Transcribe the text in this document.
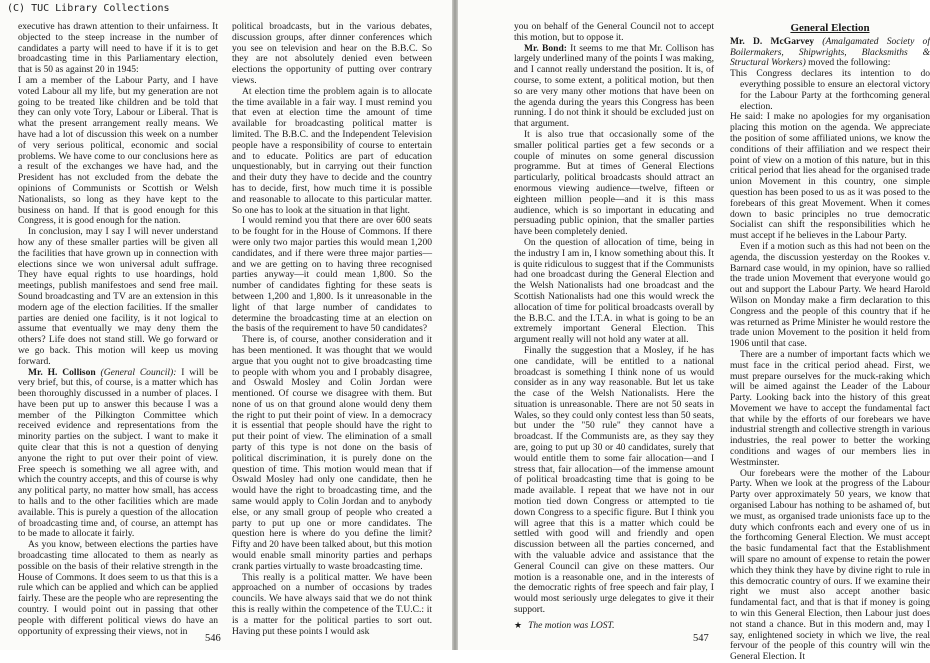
(C) TUC Library Collections

executive has drawn attention to their unfairness. It objected to the steep increase in the number of candidates a party will need to have if it is to get broadcasting time in this Parliamentary election, that is 50 as against 20 in 1945:

I am a member of the Labour Party, and I have voted Labour all my life, but my generation are not going to be treated like children and be told that they can only vote Tory, Labour or Liberal. That is what the present arrangement really means. We have had a lot of discussion this week on a number of very serious political, economic and social problems. We have come to our conclusions here as a result of the exchanges we have had, and the President has not excluded from the debate the opinions of Communists or Scottish or Welsh Nationalists, so long as they have kept to the business on hand. If that is good enough for this Congress, it is good enough for the nation.

In conclusion, may I say I will never understand how any of these smaller parties will be given all the facilities that have grown up in connection with elections since we won universal adult suffrage. They have equal rights to use hoardings, hold meetings, publish manifestoes and send free mail. Sound broadcasting and TV are an extension in this modern age of the election facilities. If the smaller parties are denied one facility, is it not logical to assume that eventually we may deny them the others? Life does not stand still. We go forward or we go back. This motion will keep us moving forward.

Mr. H. Collison (General Council): I will be very brief, but this, of course, is a matter which has been thoroughly discussed in a number of places. I have been put up to answer this because I was a member of the Pilkington Committee which received evidence and representations from the minority parties on the subject. I want to make it quite clear that this is not a question of denying anyone the right to put over their point of view. Free speech is something we all agree with, and which the country accepts, and this of course is why any political party, no matter how small, has access to halls and to the other facilities which are made available. This is purely a question of the allocation of broadcasting time and, of course, an attempt has to be made to allocate it fairly.

As you know, between elections the parties have broadcasting time allocated to them as nearly as possible on the basis of their relative strength in the House of Commons. It does seem to us that this is a rule which can be applied and which can be applied fairly. These are the people who are representing the country. I would point out in passing that other people with different political views do have an opportunity of expressing their views, not in

political broadcasts, but in the various debates, discussion groups, after dinner conferences which you see on television and hear on the B.B.C. So they are not absolutely denied even between elections the opportunity of putting over contrary views.

At election time the problem again is to allocate the time available in a fair way. I must remind you that even at election time the amount of time available for broadcasting political matter is limited. The B.B.C. and the Independent Television people have a responsibility of course to entertain and to educate. Politics are part of education unquestionably, but in carrying out their function and their duty they have to decide and the country has to decide, first, how much time it is possible and reasonable to allocate to this particular matter. So one has to look at the situation in that light.

I would remind you that there are over 600 seats to be fought for in the House of Commons. If there were only two major parties this would mean 1,200 candidates, and if there were three major parties—and we are getting on to having three recognised parties anyway—it could mean 1,800. So the number of candidates fighting for these seats is between 1,200 and 1,800. Is it unreasonable in the light of that large number of candidates to determine the broadcasting time at an election on the basis of the requirement to have 50 candidates?

There is, of course, another consideration and it has been mentioned. It was thought that we would argue that you ought not to give broadcasting time to people with whom you and I probably disagree, and Oswald Mosley and Colin Jordan were mentioned. Of course we disagree with them. But none of us on that ground alone would deny them the right to put their point of view. In a democracy it is essential that people should have the right to put their point of view. The elimination of a small party of this type is not done on the basis of political discrimination, it is purely done on the question of time. This motion would mean that if Oswald Mosley had only one candidate, then he would have the right to broadcasting time, and the same would apply to Colin Jordan and to anybody else, or any small group of people who created a party to put up one or more candidates. The question here is where do you define the limit? Fifty and 20 have been talked about, but this motion would enable small minority parties and perhaps crank parties virtually to waste broadcasting time.

This really is a political matter. We have been approached on a number of occasions by trades councils. We have always said that we do not think this is really within the competence of the T.U.C.: it is a matter for the political parties to sort out. Having put these points I would ask

546

you on behalf of the General Council not to accept this motion, but to oppose it.

Mr. Bond: It seems to me that Mr. Collison has largely underlined many of the points I was making, and I cannot really understand the position. It is, of course, to some extent, a political motion, but then so are very many other motions that have been on the agenda during the years this Congress has been running. I do not think it should be excluded just on that argument.

It is also true that occasionally some of the smaller political parties get a few seconds or a couple of minutes on some general discussion programme. But at times of General Elections particularly, political broadcasts should attract an enormous viewing audience—twelve, fifteen or eighteen million people—and it is this mass audience, which is so important in educating and persuading public opinion, that the smaller parties have been completely denied.

On the question of allocation of time, being in the industry I am in, I know something about this. It is quite ridiculous to suggest that if the Communists had one broadcast during the General Election and the Welsh Nationalists had one broadcast and the Scottish Nationalists had one this would wreck the allocation of time for political broadcasts overall by the B.B.C. and the I.T.A. in what is going to be an extremely important General Election. This argument really will not hold any water at all.

Finally the suggestion that a Mosley, if he has one candidate, will be entitled to a national broadcast is something I think none of us would consider as in any way reasonable. But let us take the case of the Welsh Nationalists. Here the situation is unreasonable. There are not 50 seats in Wales, so they could only contest less than 50 seats, but under the "50 rule" they cannot have a broadcast. If the Communists are, as they say they are, going to put up 30 or 40 candidates, surely that would entitle them to some fair allocation—and I stress that, fair allocation—of the immense amount of political broadcasting time that is going to be made available. I repeat that we have not in our motion tied down Congress or attempted to tie down Congress to a specific figure. But I think you will agree that this is a matter which could be settled with good will and friendly and open discussion between all the parties concerned, and with the valuable advice and assistance that the General Council can give on these matters. Our motion is a reasonable one, and in the interests of the democratic rights of free speech and fair play, I would most seriously urge delegates to give it their support.

★ The motion was LOST.
General Election

Mr. D. McGarvey (Amalgamated Society of Boilermakers, Shipwrights, Blacksmiths & Structural Workers) moved the following:

This Congress declares its intention to do everything possible to ensure an electoral victory for the Labour Party at the forthcoming general election.

He said: I make no apologies for my organisation placing this motion on the agenda. We appreciate the position of some affiliated unions, we know the conditions of their affiliation and we respect their point of view on a motion of this nature, but in this critical period that lies ahead for the organised trade union Movement in this country, one simple question has been posed to us as it was posed to the forebears of this great Movement. When it comes down to basic principles no true democratic Socialist can shift the responsibilities which he must accept if he believes in the Labour Party.

Even if a motion such as this had not been on the agenda, the discussion yesterday on the Rookes v. Barnard case would, in my opinion, have so rallied the trade union Movement that everyone would go out and support the Labour Party. We heard Harold Wilson on Monday make a firm declaration to this Congress and the people of this country that if he was returned as Prime Minister he would restore the trade union Movement to the position it held from 1906 until that case.

There are a number of important facts which we must face in the critical period ahead. First, we must prepare ourselves for the muck-raking which will be aimed against the Leader of the Labour Party. Looking back into the history of this great Movement we have to accept the fundamental fact that while by the efforts of our forebears we have industrial strength and collective strength in various industries, the real power to better the working conditions and wages of our members lies in Westminster.

Our forebears were the mother of the Labour Party. When we look at the progress of the Labour Party over approximately 50 years, we know that organised Labour has nothing to be ashamed of, but we must, as organised trade unionists face up to the duty which confronts each and every one of us in the forthcoming General Election. We must accept the basic fundamental fact that the Establishment will spare no amount of expense to retain the power which they think they have by divine right to rule in this democratic country of ours. If we examine their right we must also accept another basic fundamental fact, and that is that if money is going to win this General Election, then Labour just does not stand a chance. But in this modern and, may I say, enlightened society in which we live, the real fervour of the people of this country will win the General Election. It

547
